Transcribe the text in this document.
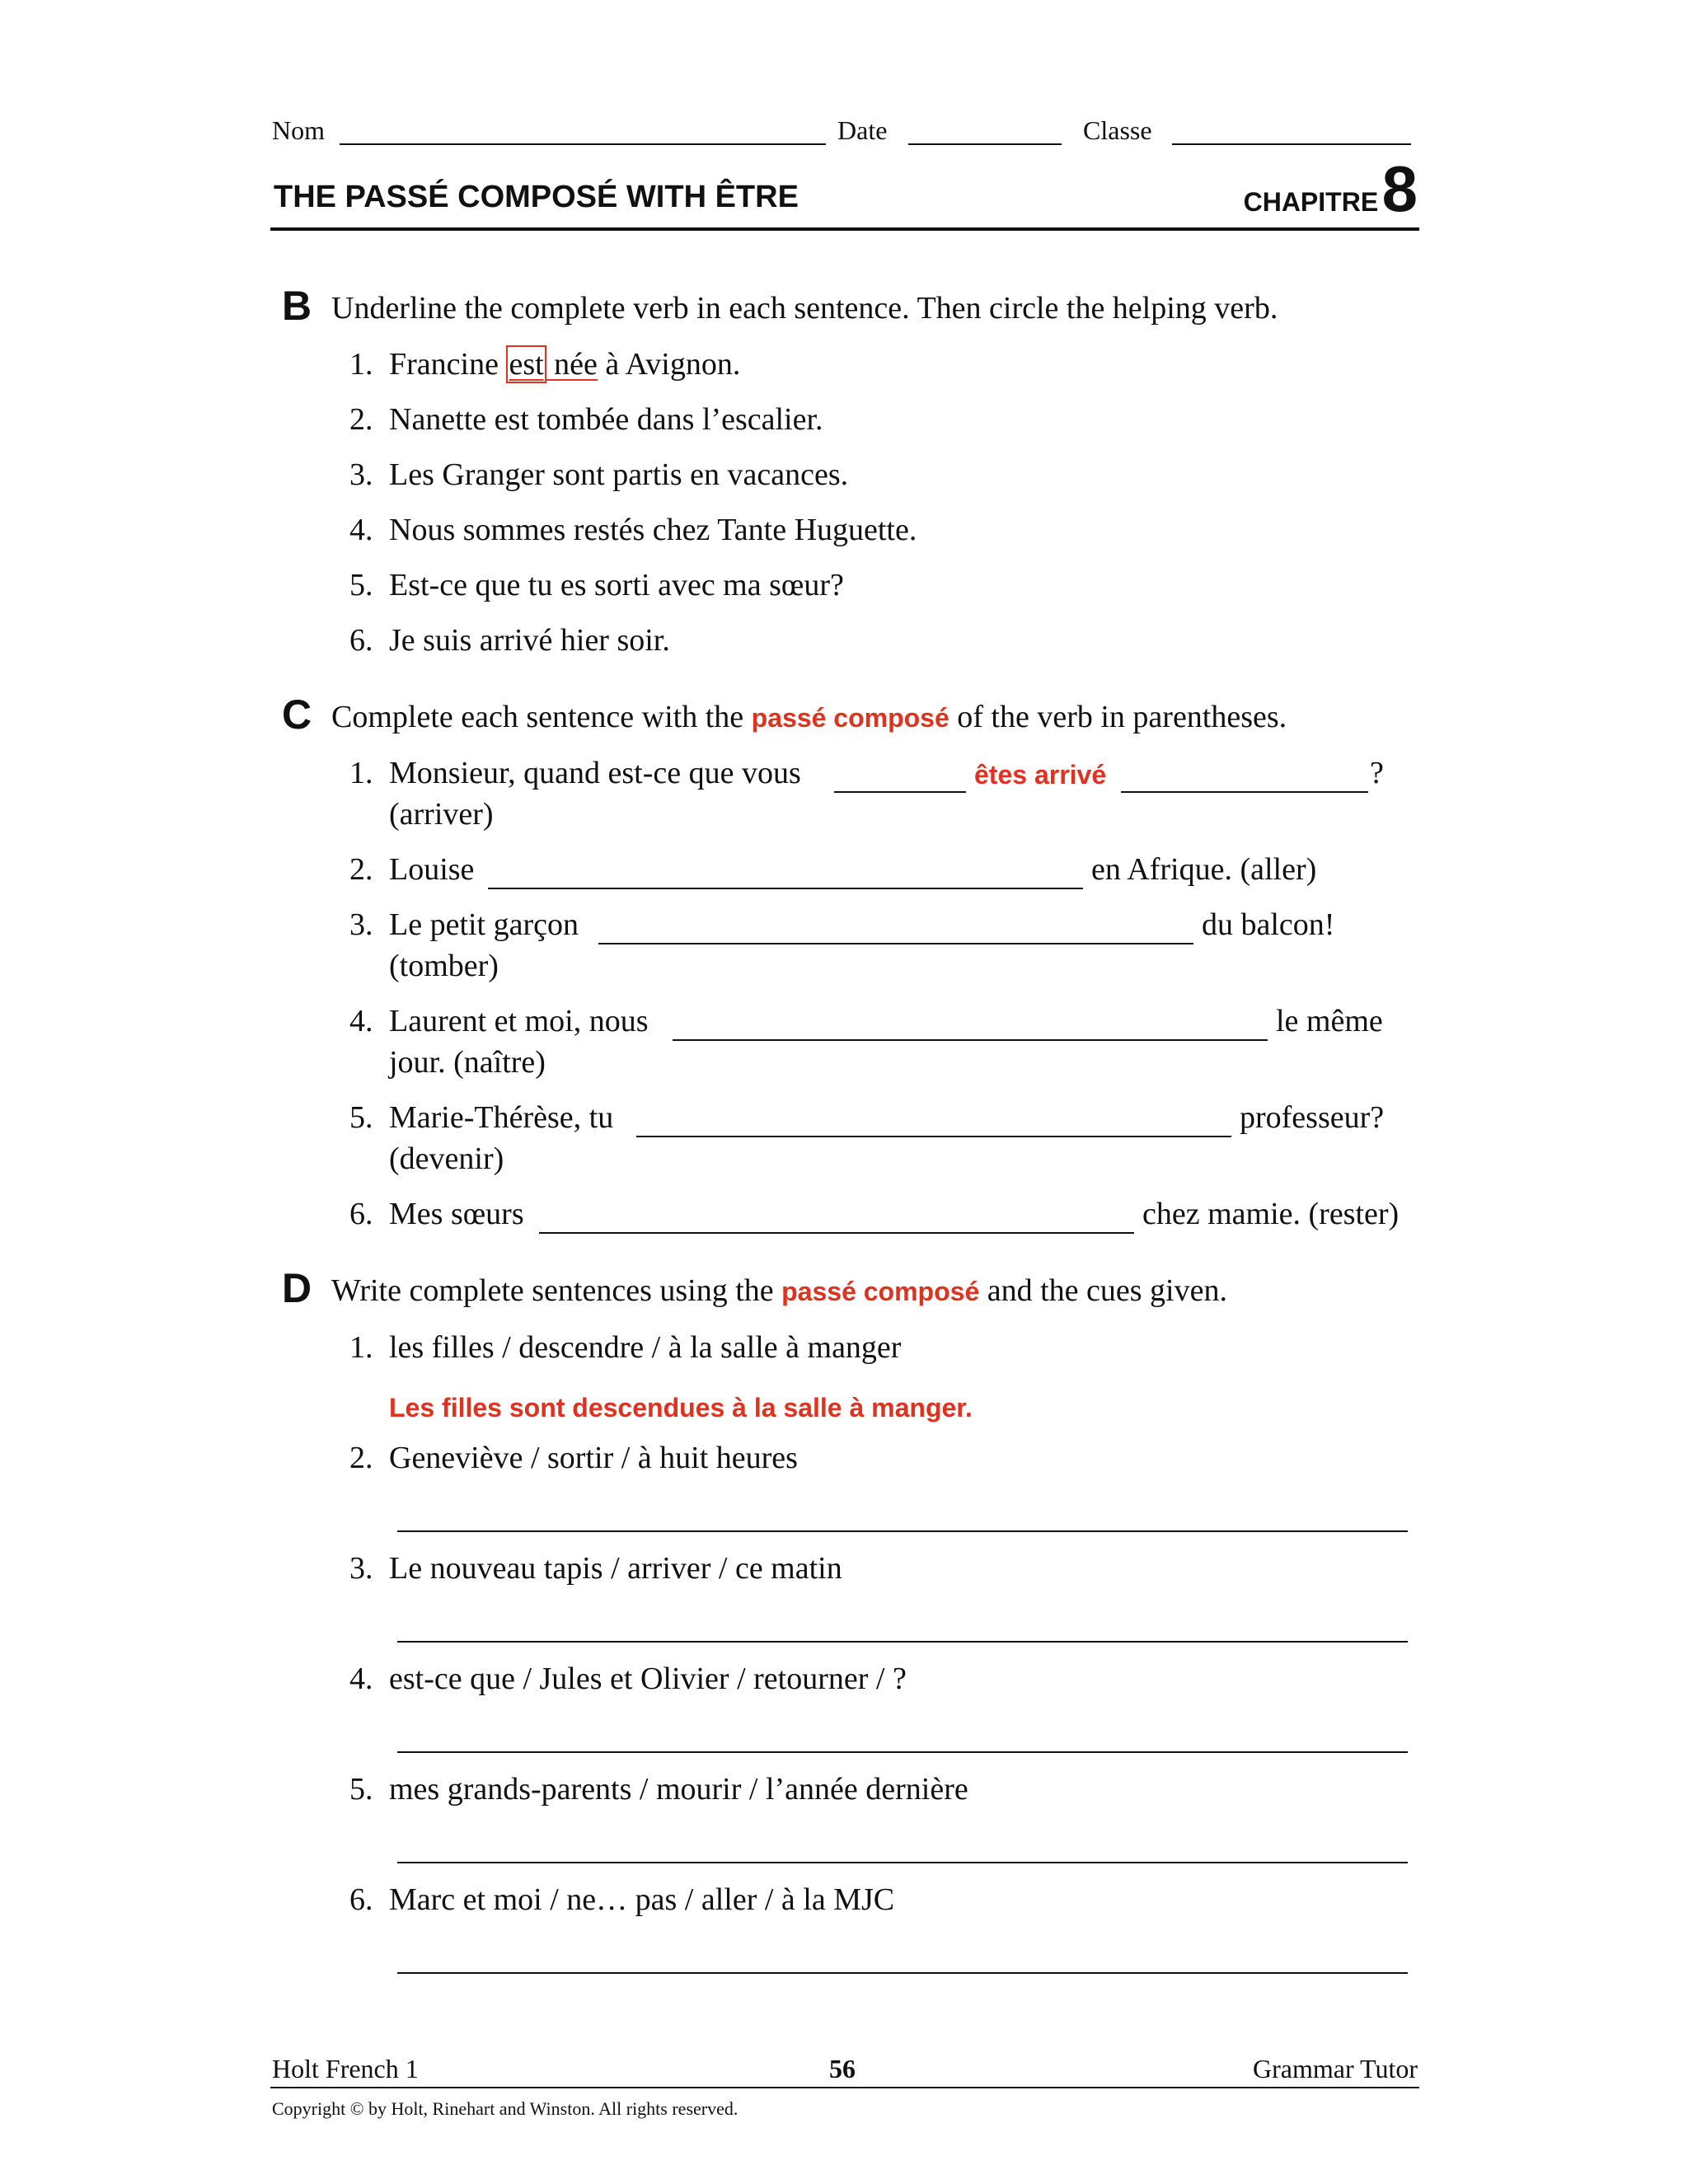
Nom	Date	Classe
THE PASSÉ COMPOSÉ WITH ÊTRE	CHAPITRE 8
B Underline the complete verb in each sentence. Then circle the helping verb.
1. Francine est née à Avignon.
2. Nanette est tombée dans l’escalier.
3. Les Granger sont partis en vacances.
4. Nous sommes restés chez Tante Huguette.
5. Est-ce que tu es sorti avec ma sœur?
6. Je suis arrivé hier soir.
C Complete each sentence with the passé composé of the verb in parentheses.
1. Monsieur, quand est-ce que vous	êtes arrivé	?
(arriver)
2. Louise	en Afrique. (aller)
3. Le petit garçon	du balcon!
(tomber)
4. Laurent et moi, nous	le même
jour. (naître)
5. Marie-Thérèse, tu	professeur?
(devenir)
6. Mes sœurs	chez mamie. (rester)
D Write complete sentences using the passé composé and the cues given.
1. les filles / descendre / à la salle à manger
Les filles sont descendues à la salle à manger.
2. Geneviève / sortir / à huit heures
3. Le nouveau tapis / arriver / ce matin
4. est-ce que / Jules et Olivier / retourner / ?
5. mes grands-parents / mourir / l’année dernière
6. Marc et moi / ne… pas / aller / à la MJC
Holt French 1	56	Grammar Tutor
Copyright © by Holt, Rinehart and Winston. All rights reserved.
